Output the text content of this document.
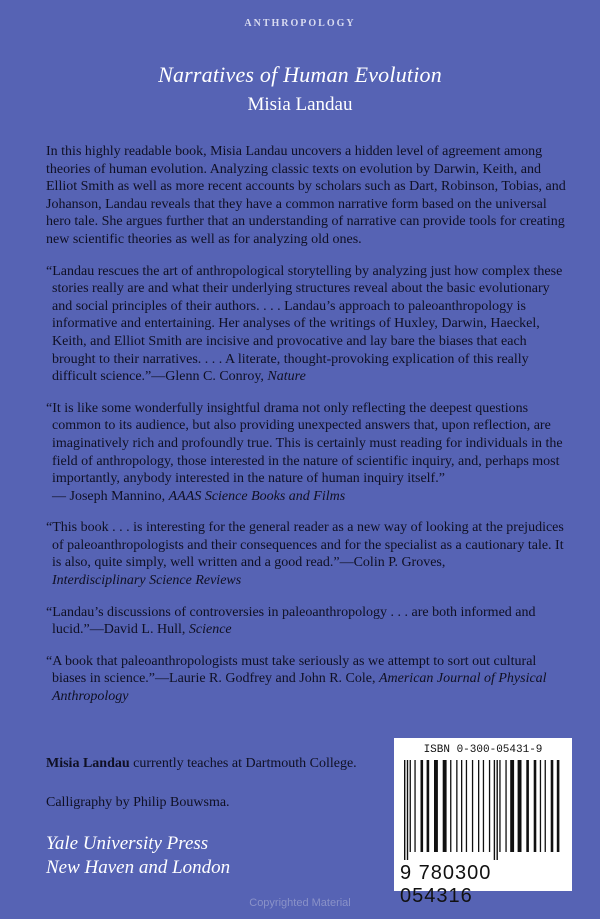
ANTHROPOLOGY
Narratives of Human Evolution
Misia Landau

In this highly readable book, Misia Landau uncovers a hidden level of agreement among theories of human evolution. Analyzing classic texts on evolution by Darwin, Keith, and Elliot Smith as well as more recent accounts by scholars such as Dart, Robinson, Tobias, and Johanson, Landau reveals that they have a common narrative form based on the universal hero tale. She argues further that an understanding of narrative can provide tools for creating new scientific theories as well as for analyzing old ones.

“Landau rescues the art of anthropological storytelling by analyzing just how complex these stories really are and what their underlying structures reveal about the basic evolutionary and social principles of their authors. . . . Landau’s approach to paleoanthropology is informative and entertaining. Her analyses of the writings of Huxley, Darwin, Haeckel, Keith, and Elliot Smith are incisive and provocative and lay bare the biases that each brought to their narratives. . . . A literate, thought-provoking explication of this really difficult science.”—Glenn C. Conroy, Nature

“It is like some wonderfully insightful drama not only reflecting the deepest questions common to its audience, but also providing unexpected answers that, upon reflection, are imaginatively rich and profoundly true. This is certainly must reading for individuals in the field of anthropology, those interested in the nature of scientific inquiry, and, perhaps most importantly, anybody interested in the nature of human inquiry itself.”
— Joseph Mannino, AAAS Science Books and Films

“This book . . . is interesting for the general reader as a new way of looking at the prejudices of paleoanthropologists and their consequences and for the specialist as a cautionary tale. It is also, quite simply, well written and a good read.”—Colin P. Groves,
Interdisciplinary Science Reviews

“Landau’s discussions of controversies in paleoanthropology . . . are both informed and lucid.”—David L. Hull, Science

“A book that paleoanthropologists must take seriously as we attempt to sort out cultural biases in science.”—Laurie R. Godfrey and John R. Cole, American Journal of Physical Anthropology

Misia Landau currently teaches at Dartmouth College.
Calligraphy by Philip Bouwsma.
Yale University Press
New Haven and London
ISBN 0-300-05431-9
9 780300 054316
Copyrighted Material
